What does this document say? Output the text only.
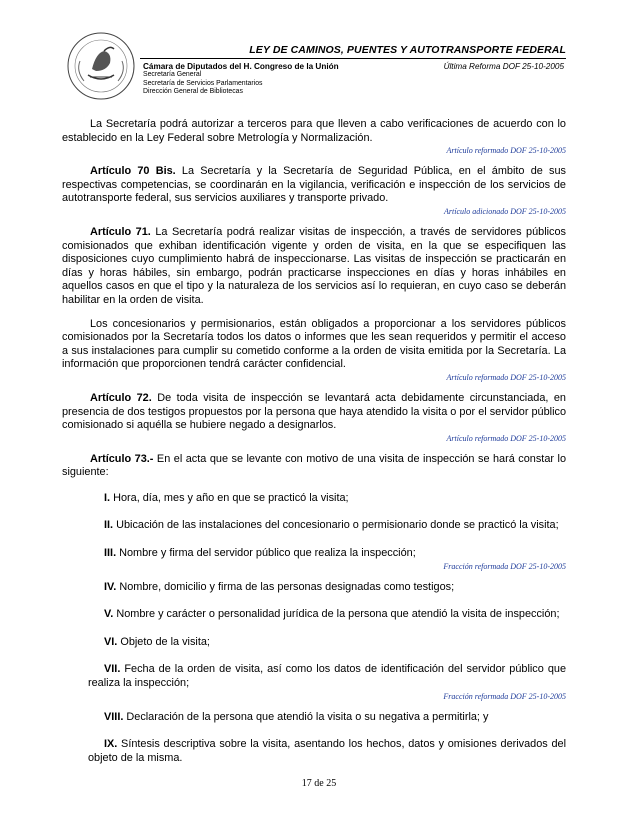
LEY DE CAMINOS, PUENTES Y AUTOTRANSPORTE FEDERAL
Cámara de Diputados del H. Congreso de la Unión
Secretaría General
Secretaría de Servicios Parlamentarios
Dirección General de Bibliotecas
Última Reforma DOF 25-10-2005

La Secretaría podrá autorizar a terceros para que lleven a cabo verificaciones de acuerdo con lo establecido en la Ley Federal sobre Metrología y Normalización.

Artículo reformado DOF 25-10-2005

Artículo 70 Bis. La Secretaría y la Secretaría de Seguridad Pública, en el ámbito de sus respectivas competencias, se coordinarán en la vigilancia, verificación e inspección de los servicios de autotransporte federal, sus servicios auxiliares y transporte privado.

Artículo adicionado DOF 25-10-2005

Artículo 71. La Secretaría podrá realizar visitas de inspección, a través de servidores públicos comisionados que exhiban identificación vigente y orden de visita, en la que se especifiquen las disposiciones cuyo cumplimiento habrá de inspeccionarse. Las visitas de inspección se practicarán en días y horas hábiles, sin embargo, podrán practicarse inspecciones en días y horas inhábiles en aquellos casos en que el tipo y la naturaleza de los servicios así lo requieran, en cuyo caso se deberán habilitar en la orden de visita.

Los concesionarios y permisionarios, están obligados a proporcionar a los servidores públicos comisionados por la Secretaría todos los datos o informes que les sean requeridos y permitir el acceso a sus instalaciones para cumplir su cometido conforme a la orden de visita emitida por la Secretaría. La información que proporcionen tendrá carácter confidencial.

Artículo reformado DOF 25-10-2005

Artículo 72. De toda visita de inspección se levantará acta debidamente circunstanciada, en presencia de dos testigos propuestos por la persona que haya atendido la visita o por el servidor público comisionado si aquélla se hubiere negado a designarlos.

Artículo reformado DOF 25-10-2005

Artículo 73.- En el acta que se levante con motivo de una visita de inspección se hará constar lo siguiente:

I. Hora, día, mes y año en que se practicó la visita;

II. Ubicación de las instalaciones del concesionario o permisionario donde se practicó la visita;

III. Nombre y firma del servidor público que realiza la inspección;

Fracción reformada DOF 25-10-2005

IV. Nombre, domicilio y firma de las personas designadas como testigos;

V. Nombre y carácter o personalidad jurídica de la persona que atendió la visita de inspección;

VI. Objeto de la visita;

VII. Fecha de la orden de visita, así como los datos de identificación del servidor público que realiza la inspección;

Fracción reformada DOF 25-10-2005

VIII. Declaración de la persona que atendió la visita o su negativa a permitirla; y

IX. Síntesis descriptiva sobre la visita, asentando los hechos, datos y omisiones derivados del objeto de la misma.

17 de 25
